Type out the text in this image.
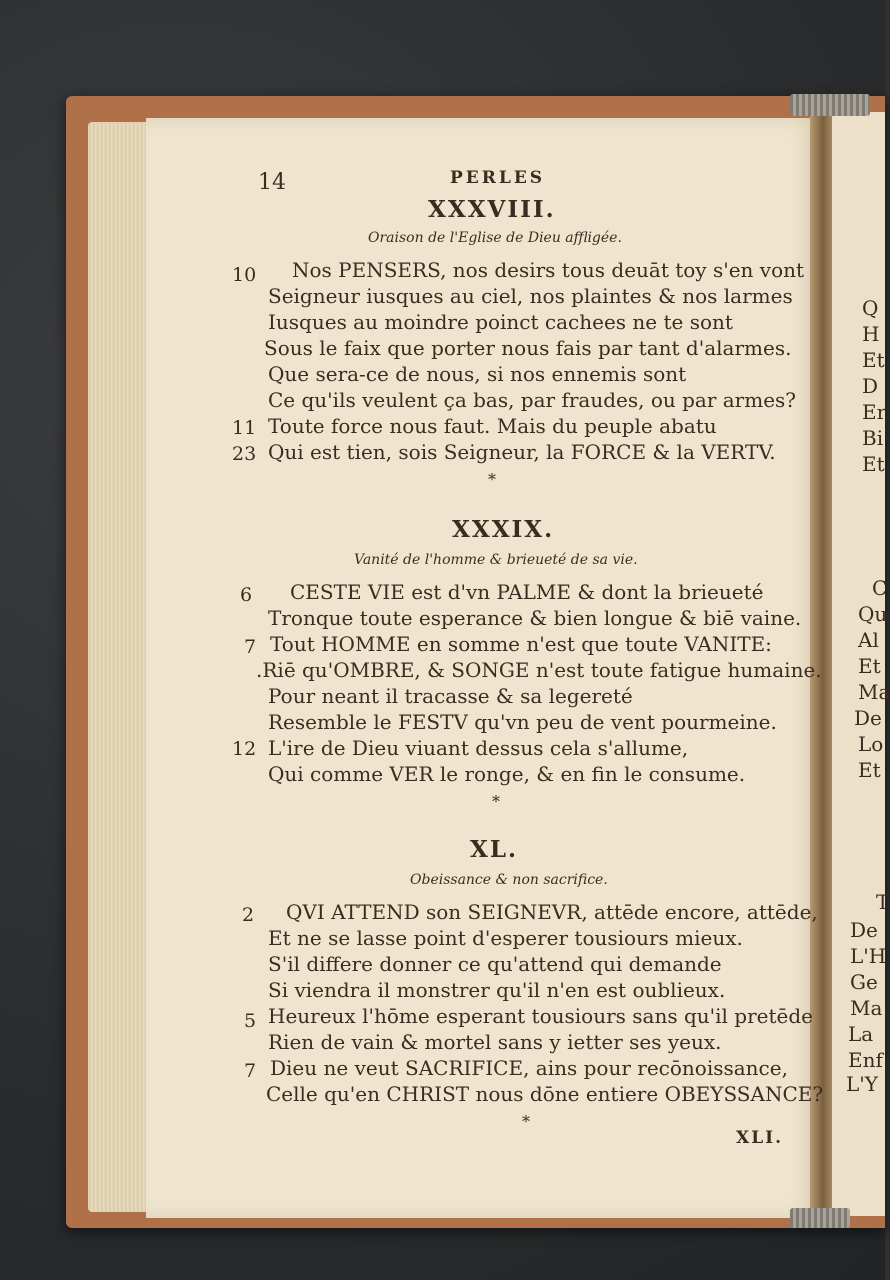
14	PERLES
XXXVIII.
Oraison de l'Eglise de Dieu affligée.
10
11
23
Nos PENSERS, nos desirs tous deuāt toy s'en vont
Seigneur iusques au ciel, nos plaintes & nos larmes
Iusques au moindre poinct cachees ne te sont
Sous le faix que porter nous fais par tant d'alarmes.
Que sera-ce de nous, si nos ennemis sont
Ce qu'ils veulent ça bas, par fraudes, ou par armes?
Toute force nous faut. Mais du peuple abatu
Qui est tien, sois Seigneur, la FORCE & la VERTV.
*
XXXIX.
Vanité de l'homme & brieueté de sa vie.
6
7
12
CESTE VIE est d'vn PALME & dont la brieueté
Tronque toute esperance & bien longue & biē vaine.
Tout HOMME en somme n'est que toute VANITE:
.Riē qu'OMBRE, & SONGE n'est toute fatigue humaine.
Pour neant il tracasse & sa legereté
Resemble le FESTV qu'vn peu de vent pourmeine.
L'ire de Dieu viuant dessus cela s'allume,
Qui comme VER le ronge, & en fin le consume.
*
XL.
Obeissance & non sacrifice.
2
5
7
QVI ATTEND son SEIGNEVR, attēde encore, attēde,
Et ne se lasse point d'esperer tousiours mieux.
S'il differe donner ce qu'attend qui demande
Si viendra il monstrer qu'il n'en est oublieux.
Heureux l'hōme esperant tousiours sans qu'il pretēde
Rien de vain & mortel sans y ietter ses yeux.
Dieu ne veut SACRIFICE, ains pour recōnoissance,
Celle qu'en CHRIST nous dōne entiere OBEYSSANCE?
*
XLI.
Q
H
Et
D
Er
Bi
Et
C
Qu
Al
Et
Ma
De
Lo
Et
T
De
L'H
Ge
Ma
La
Enf
L'Y
